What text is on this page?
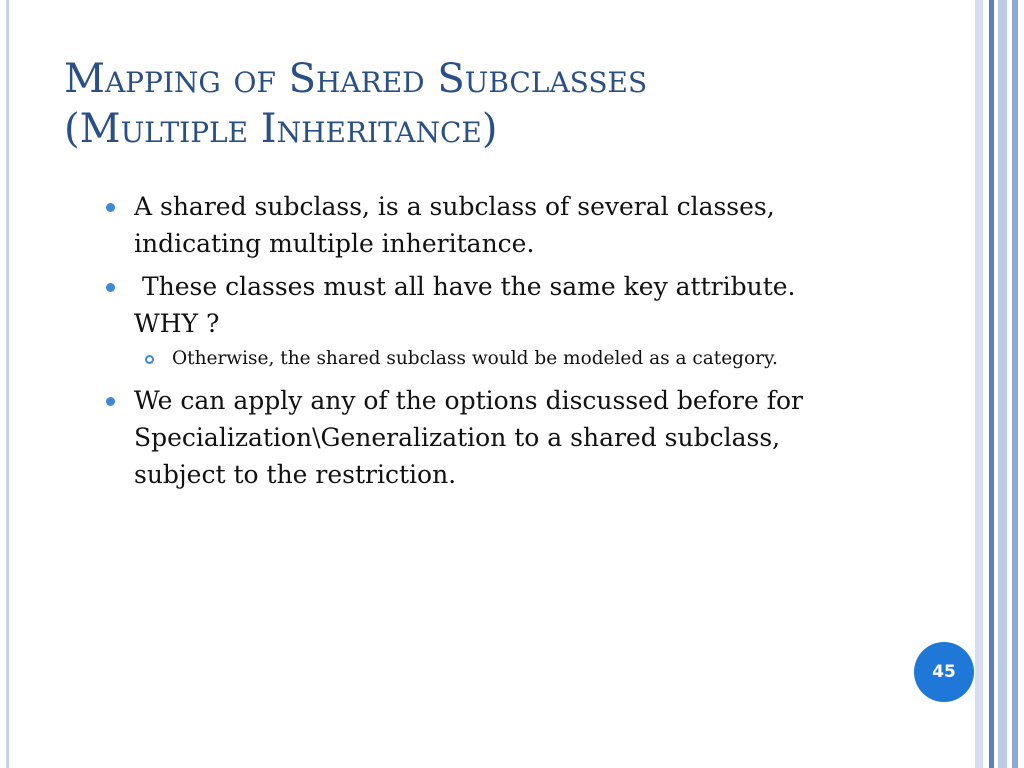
Mapping of Shared Subclasses
(Multiple Inheritance)
A shared subclass, is a subclass of several classes,
indicating multiple inheritance.
These classes must all have the same key attribute.
WHY ?
Otherwise, the shared subclass would be modeled as a category.
We can apply any of the options discussed before for
Specialization\Generalization to a shared subclass,
subject to the restriction.
45
